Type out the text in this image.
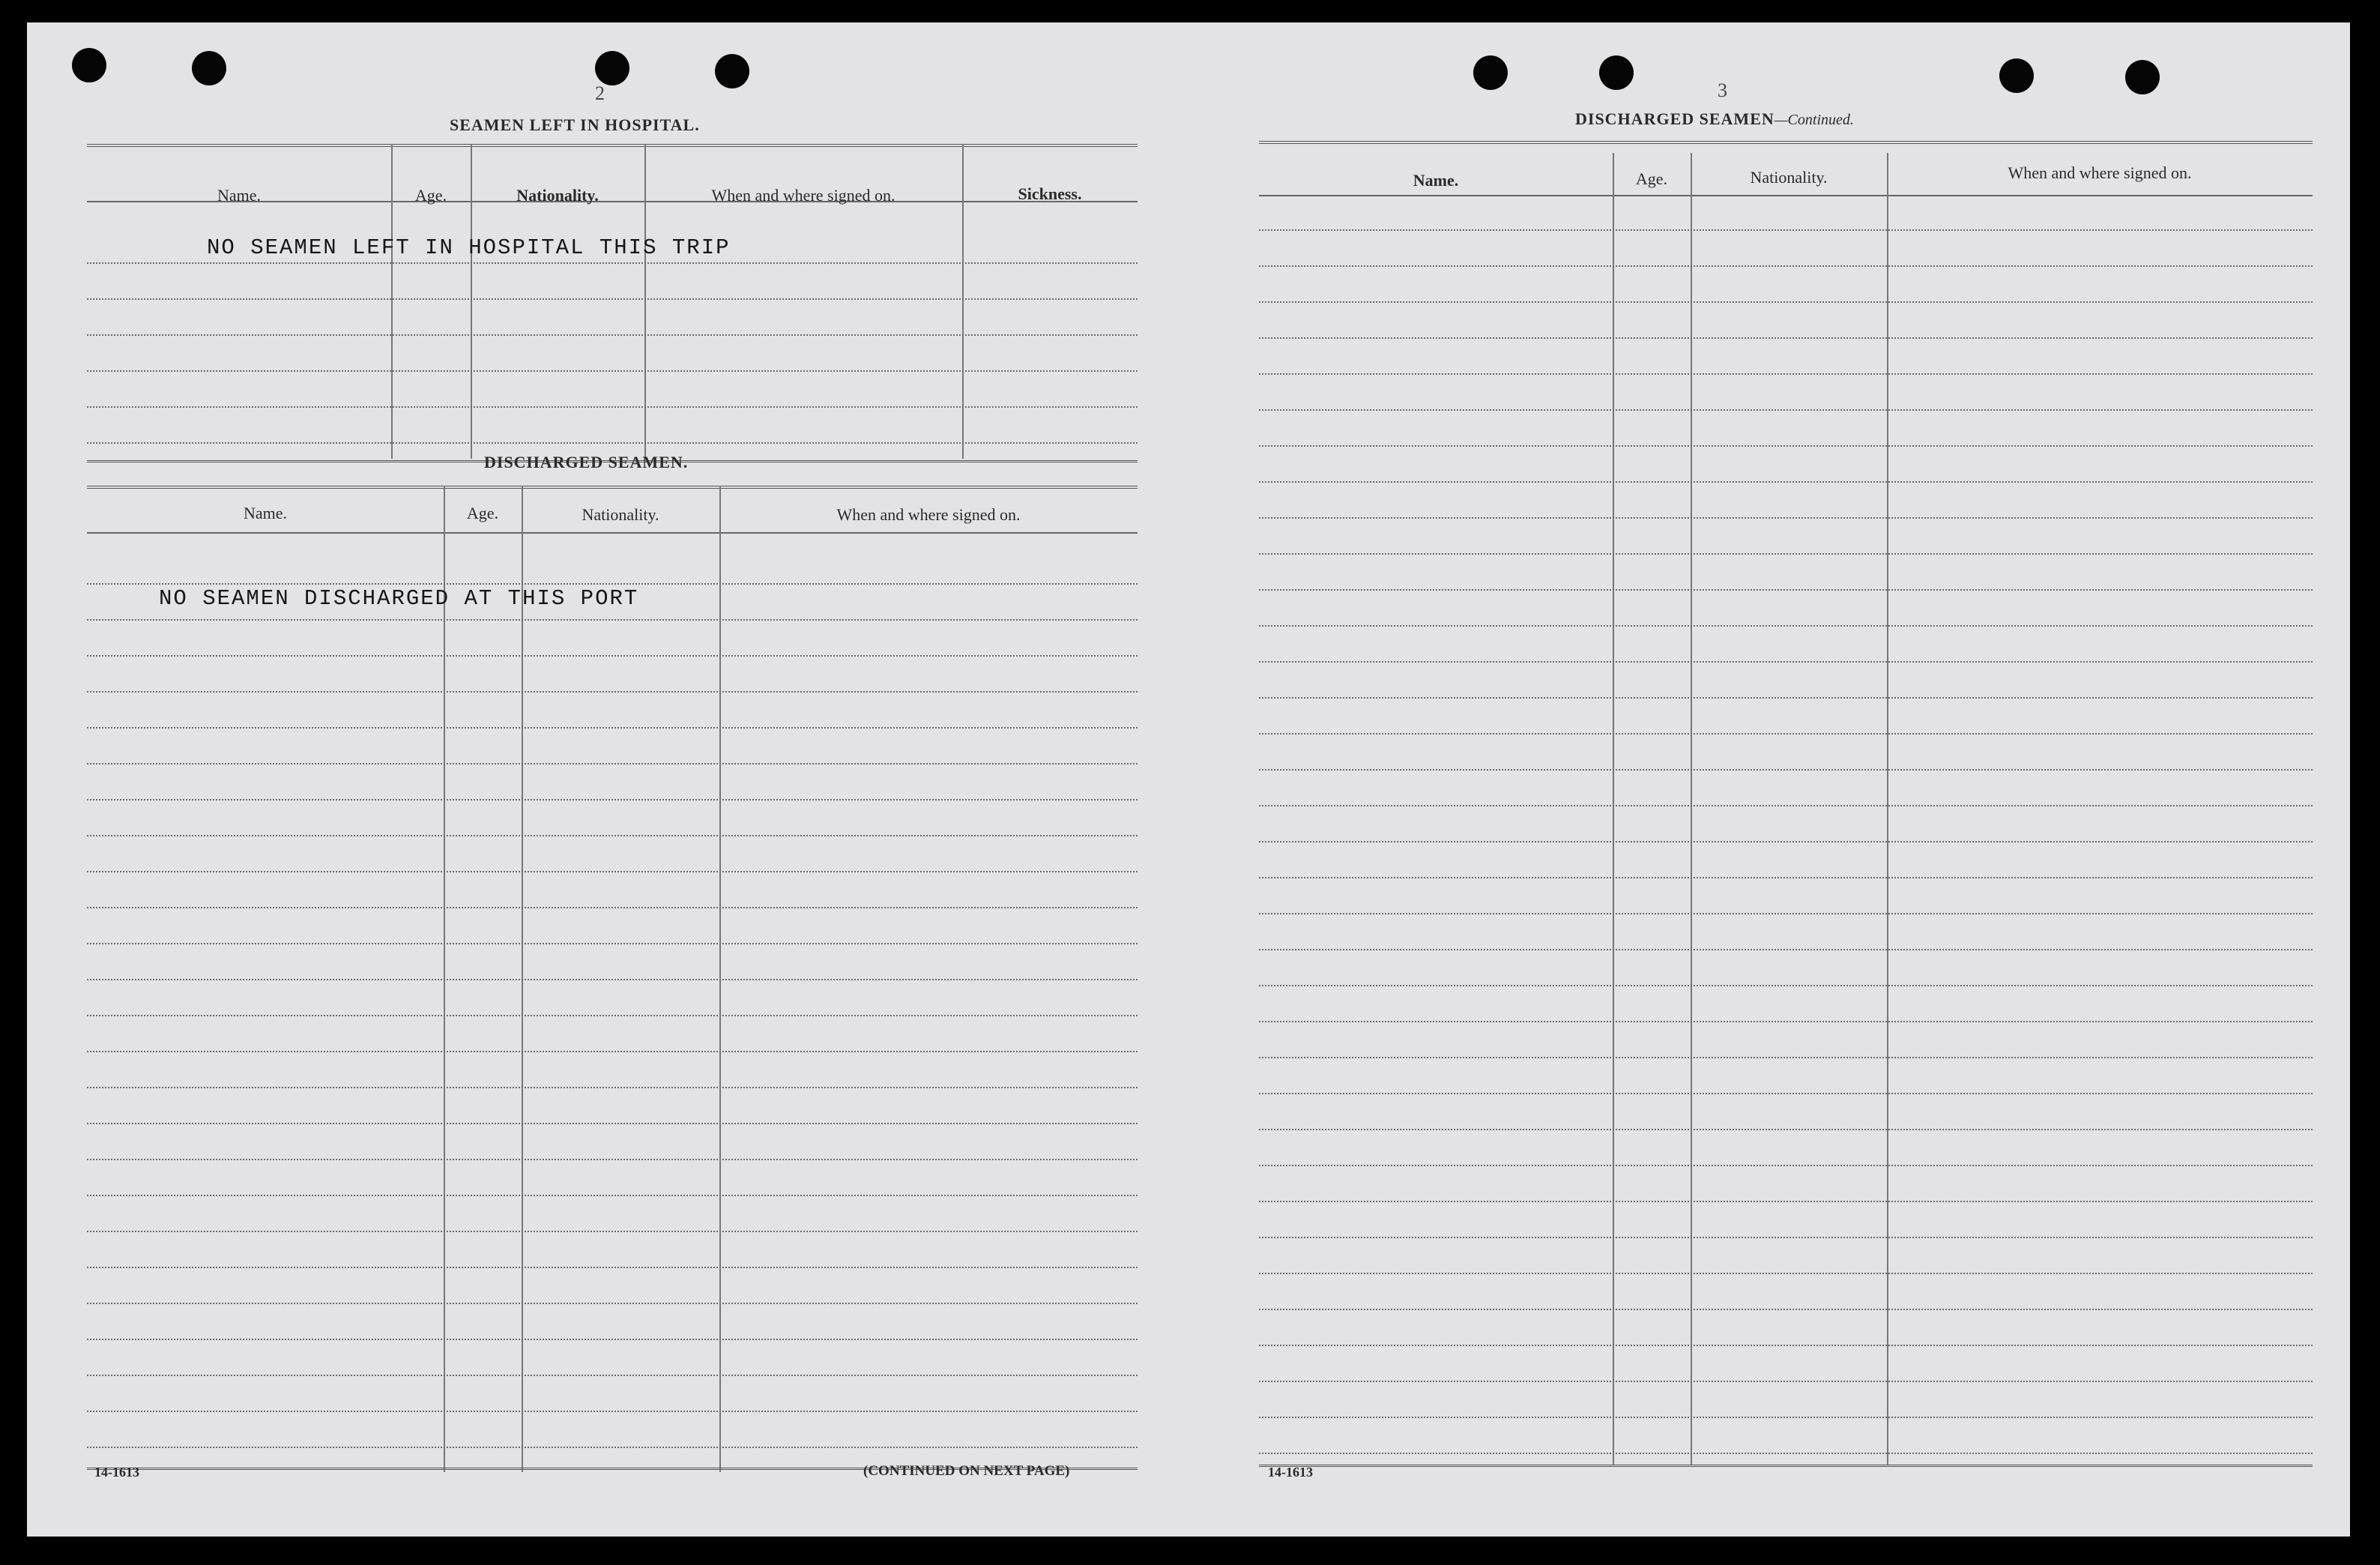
2
SEAMEN LEFT IN HOSPITAL.
Name.	Age.	Nationality.	When and where signed on.	Sickness.
NO SEAMEN LEFT IN HOSPITAL THIS TRIP
DISCHARGED SEAMEN.
Name.	Age.	Nationality.	When and where signed on.
NO SEAMEN DISCHARGED AT THIS PORT
14-1613	(CONTINUED ON NEXT PAGE)
3
DISCHARGED SEAMEN—Continued.
Name.	Age.	Nationality.	When and where signed on.
14-1613
